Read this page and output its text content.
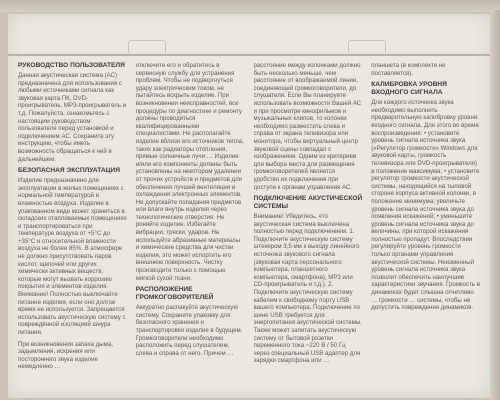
РУКОВОДСТВО ПОЛЬЗОВАТЕЛЯ
Данная акустическая система (АС) предназначена для использования с любыми источниками сигнала как звуковая карта ПК, DVD-проигрыватель, MP3-проигрыватель и т.д. Пожалуйста, ознакомьтесь с настоящим руководством пользователя перед установкой и подключением АС. Сохраните эту инструкцию, чтобы иметь возможность обращаться к ней в дальнейшем.
БЕЗОПАСНАЯ ЭКСПЛУАТАЦИЯ
Изделие предназначено для эксплуатации в жилых помещениях с нормальной температурой и влажностью воздуха. Изделие в упакованном виде может храниться в складских отапливаемых помещениях и транспортироваться при температуре воздуха от +5°С до +35°С и относительной влажности воздуха не более 85%. В атмосфере не должно присутствовать паров кислот, щелочей или других химически активных веществ, которые могут вызвать коррозию покрытия и элементов изделия. Внимание! Полностью выключайте питание изделия, если оно долгое время не используется. Запрещается использовать акустическую систему с повреждённой изоляцией шнура питания.
При возникновении запаха дыма, задымления, искрения или постороннего звука изделие немедленно …
отключите его и обратитесь в сервисную службу для устранения проблем. Чтобы не подвергнуться удару электрическим током, не пытайтесь вскрыть изделие. При возникновении неисправностей, все процедуры по диагностике и ремонту должны проводиться квалифицированными специалистами. Не располагайте изделие вблизи его источников тепла, таких как радиаторы отопления, прямые солнечные лучи … Изделие и/или его компоненты должны быть установлены на некотором удалении от прочих устройств и предметов для обеспечения лучшей вентиляции и охлаждения электронных элементов. Не допускайте попадания предметов или влаги внутрь изделия через технологические отверстия. Не роняйте изделие. Избегайте вибрации, тряски, ударов. Не используйте абразивные материалы и химические средства для чистки изделия, это может испортить его внешнюю поверхность. Чистку производите только с помощью мягкой сухой ткани.
РАСПОЛОЖЕНИЕ ГРОМКОГОВОРИТЕЛЕЙ
Аккуратно распакуйте акустическую систему. Сохраните упаковку для безопасного хранения и транспортировки изделия в будущем. Громкоговорители необходимо расположить перед слушателем, слева и справа от него. Причем …
расстояние между колонками должно быть несколько меньше, чем расстояние от воображаемой линии, соединяющей громкоговорители, до слушателя. Если Вы планируете использовать возможности Вашей АС и при просмотре кинофильмов и музыкальных клипов, то колонки необходимо разместить слева и справа от экрана телевизора или монитора, чтобы виртуальный центр звуковой сцены совпадал с изображением. Одним из критериев для выбора места для размещения громкоговорителей является удобство их подключения при доступе к органам управления АС.
ПОДКЛЮЧЕНИЕ АКУСТИЧЕСКОЙ СИСТЕМЫ
Внимание! Убедитесь, что акустическая система выключена полностью перед подключением. 1. Подключите акустическую систему штекером 3,5 мм к выходу линейного источника звукового сигнала (звуковая карта персонального компьютера, планшетного компьютера, смартфона), MP3 или CD-проигрыватель и т.д.). 2. Подключите акустическую систему кабелем к свободному порту USB вашего компьютера. Подключение по шине USB требуется для энергопитания акустической системы. Также может запитать акустическую систему от бытовой розетки переменного тока ~220 В / 50 Гц через специальный USB адаптер для зарядки смартфона или …
планшета (в комплекте не поставляется).
КАЛИБРОВКА УРОВНЯ ВХОДНОГО СИГНАЛА
Для каждого источника звука необходимо выполнить предварительную калибровку уровня входного сигнала. Для этого во время воспроизведения: • установите уровень сигнала источника звука («Регулятор громкости» Windows для звуковой карты, громкость телевизора или DVD-проигрывателя) в положение максимума; • установите регулятор громкости акустической системы, находящийся на тыловой стороне корпуса активной колонки, в положение минимума; увеличьте уровень сигнала источника звука до появления искажений; • уменьшите уровень сигнала источника звука до величины, при которой искажения полностью пропадут. Впоследствии регулируйте уровень громкости только органами управления акустической системы. Неизменный уровень сигнала источника звука позволит обеспечить наилучшие характеристики звучания. Громкость в динамиках будет слышна отчетливо … громкости … системы, чтобы не допустить повреждения динамиков.
